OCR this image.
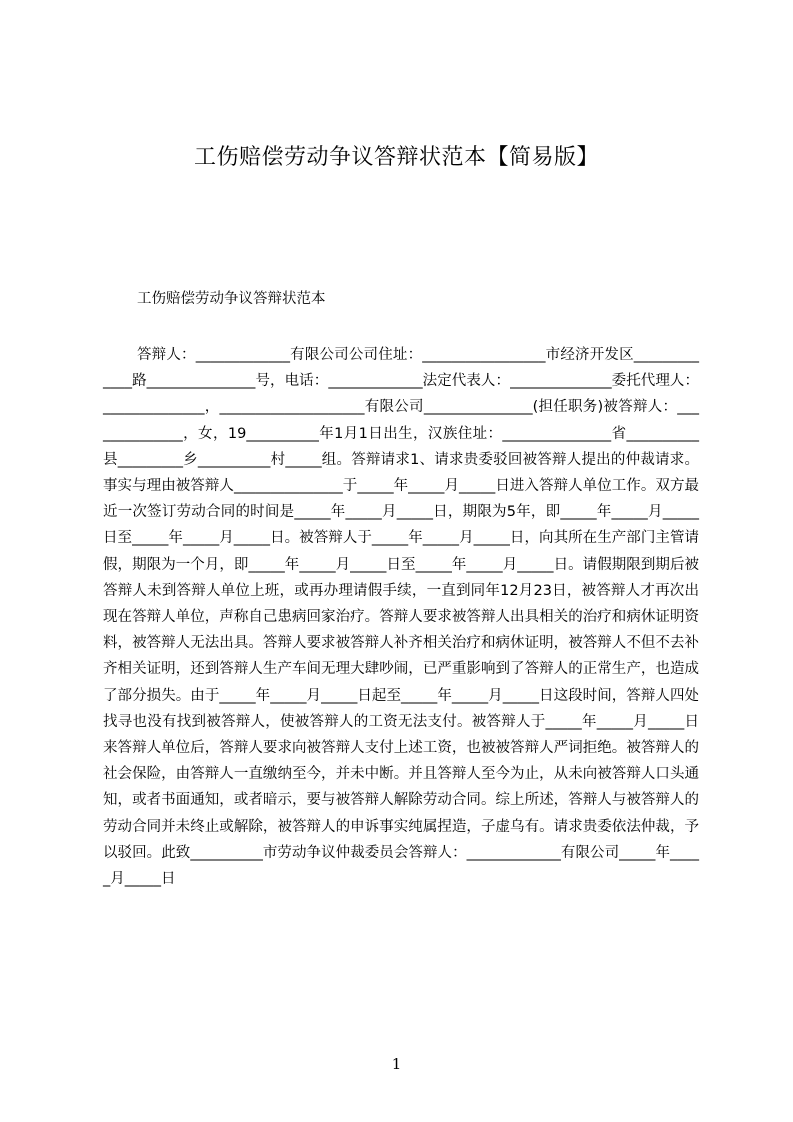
工伤赔偿劳动争议答辩状范本【简易版】
工伤赔偿劳动争议答辩状范本

答辩人：_____________有限公司公司住址：_________________市经济开发区_____________路_______________号，电话：_____________法定代表人：______________委托代理人：______________，____________________有限公司_______________(担任职务)被答辩人：______________，女，19__________年1月1日出生，汉族住址：_______________省__________县_________乡__________村_____组。答辩请求1、请求贵委驳回被答辩人提出的仲裁请求。事实与理由被答辩人_______________于_____年_____月_____日进入答辩人单位工作。双方最近一次签订劳动合同的时间是_____年_____月_____日，期限为5年，即_____年_____月_____日至_____年_____月_____日。被答辩人于_____年_____月_____日，向其所在生产部门主管请假，期限为一个月，即_____年_____月_____日至_____年_____月_____日。请假期限到期后被答辩人未到答辩人单位上班，或再办理请假手续，一直到同年12月23日，被答辩人才再次出现在答辩人单位，声称自己患病回家治疗。答辩人要求被答辩人出具相关的治疗和病休证明资料，被答辩人无法出具。答辩人要求被答辩人补齐相关治疗和病休证明，被答辩人不但不去补齐相关证明，还到答辩人生产车间无理大肆吵闹，已严重影响到了答辩人的正常生产，也造成了部分损失。由于_____年_____月_____日起至_____年_____月_____日这段时间，答辩人四处找寻也没有找到被答辩人，使被答辩人的工资无法支付。被答辩人于_____年_____月_____日来答辩人单位后，答辩人要求向被答辩人支付上述工资，也被被答辩人严词拒绝。被答辩人的社会保险，由答辩人一直缴纳至今，并未中断。并且答辩人至今为止，从未向被答辩人口头通知，或者书面通知，或者暗示，要与被答辩人解除劳动合同。综上所述，答辩人与被答辩人的劳动合同并未终止或解除，被答辩人的申诉事实纯属捏造，子虚乌有。请求贵委依法仲裁，予以驳回。此致__________市劳动争议仲裁委员会答辩人：_____________有限公司_____年_____月_____日

1
